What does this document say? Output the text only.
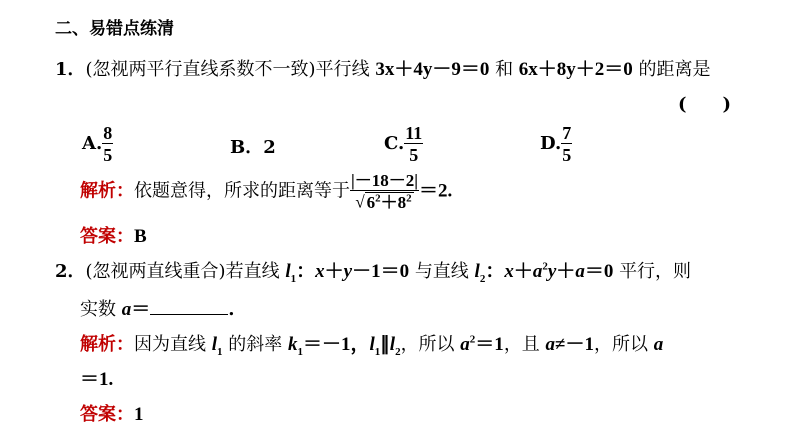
二、易错点练清
1．(忽视两平行直线系数不一致)平行线 3x＋4y－9＝0 和 6x＋8y＋2＝0 的距离是
(　　)
A. $\frac{8}{5}$	B．2	C. $\frac{11}{5}$	D. $\frac{7}{5}$
解析：依题意得，所求的距离等于 $\frac{|-18-2|}{√ 6^2+8^2} =2$.
答案：B
2．(忽视两直线重合)若直线 $l_1$：x＋y－1＝0 与直线 $l_2$：$x+a^2y+a=0$ 平行，则
实数 a＝	.
解析：因为直线 $l_1$ 的斜率 $k_1=-1$，$l_1\parallel l_2$，所以 $a^2=1$，且 a≠－1，所以 a
＝1.
答案：1
